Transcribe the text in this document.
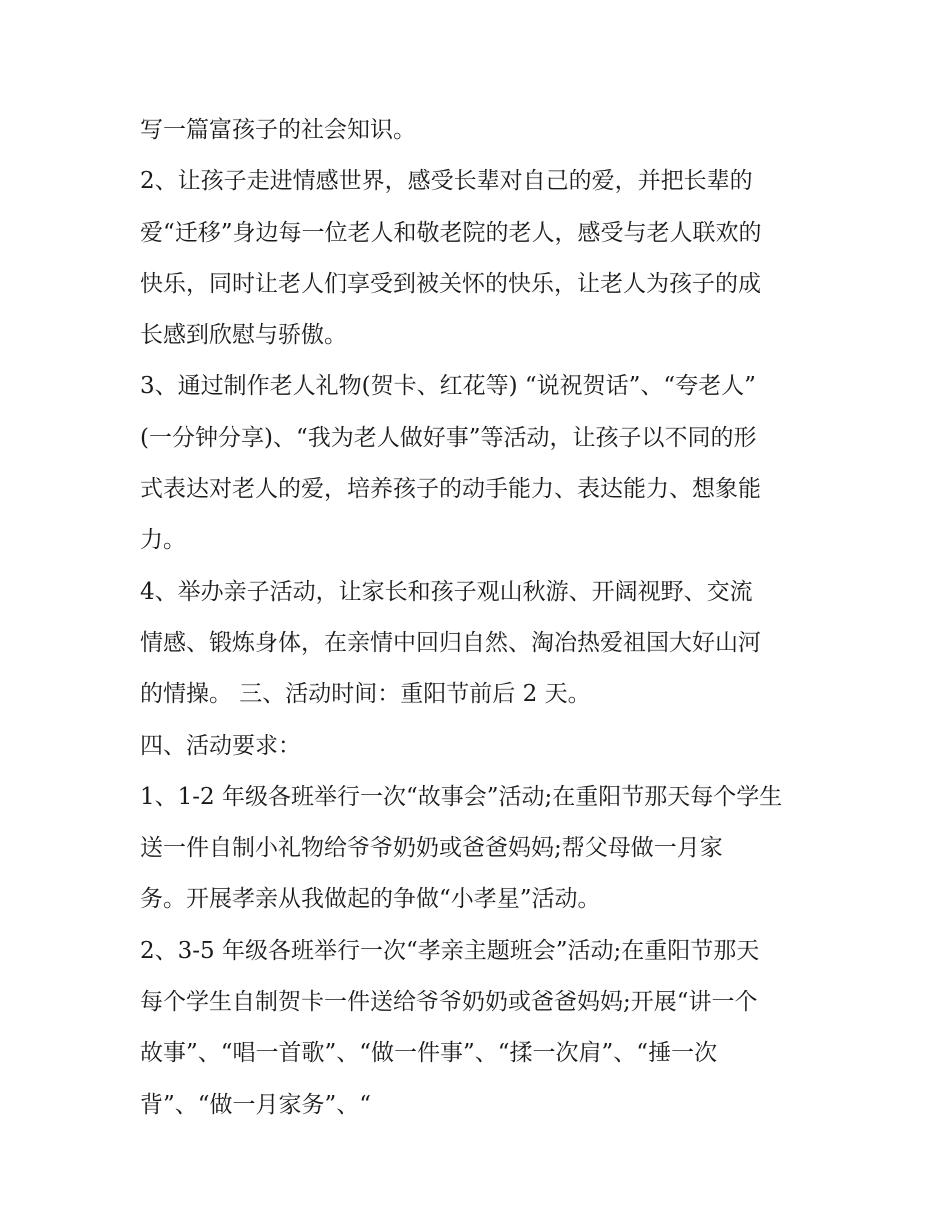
写一篇富孩子的社会知识。
2、让孩子走进情感世界，感受长辈对自己的爱，并把长辈的
爱“迁移”身边每一位老人和敬老院的老人，感受与老人联欢的
快乐，同时让老人们享受到被关怀的快乐，让老人为孩子的成
长感到欣慰与骄傲。
3、通过制作老人礼物(贺卡、红花等) “说祝贺话”、“夸老人”
(一分钟分享)、“我为老人做好事”等活动，让孩子以不同的形
式表达对老人的爱，培养孩子的动手能力、表达能力、想象能
力。
4、举办亲子活动，让家长和孩子观山秋游、开阔视野、交流
情感、锻炼身体，在亲情中回归自然、淘冶热爱祖国大好山河
的情操。 三、活动时间：重阳节前后 2 天。
四、活动要求：
1、1-2 年级各班举行一次“故事会”活动;在重阳节那天每个学生
送一件自制小礼物给爷爷奶奶或爸爸妈妈;帮父母做一月家
务。开展孝亲从我做起的争做“小孝星”活动。
2、3-5 年级各班举行一次“孝亲主题班会”活动;在重阳节那天
每个学生自制贺卡一件送给爷爷奶奶或爸爸妈妈;开展“讲一个
故事”、“唱一首歌”、“做一件事”、“揉一次肩”、“捶一次
背”、“做一月家务”、“
